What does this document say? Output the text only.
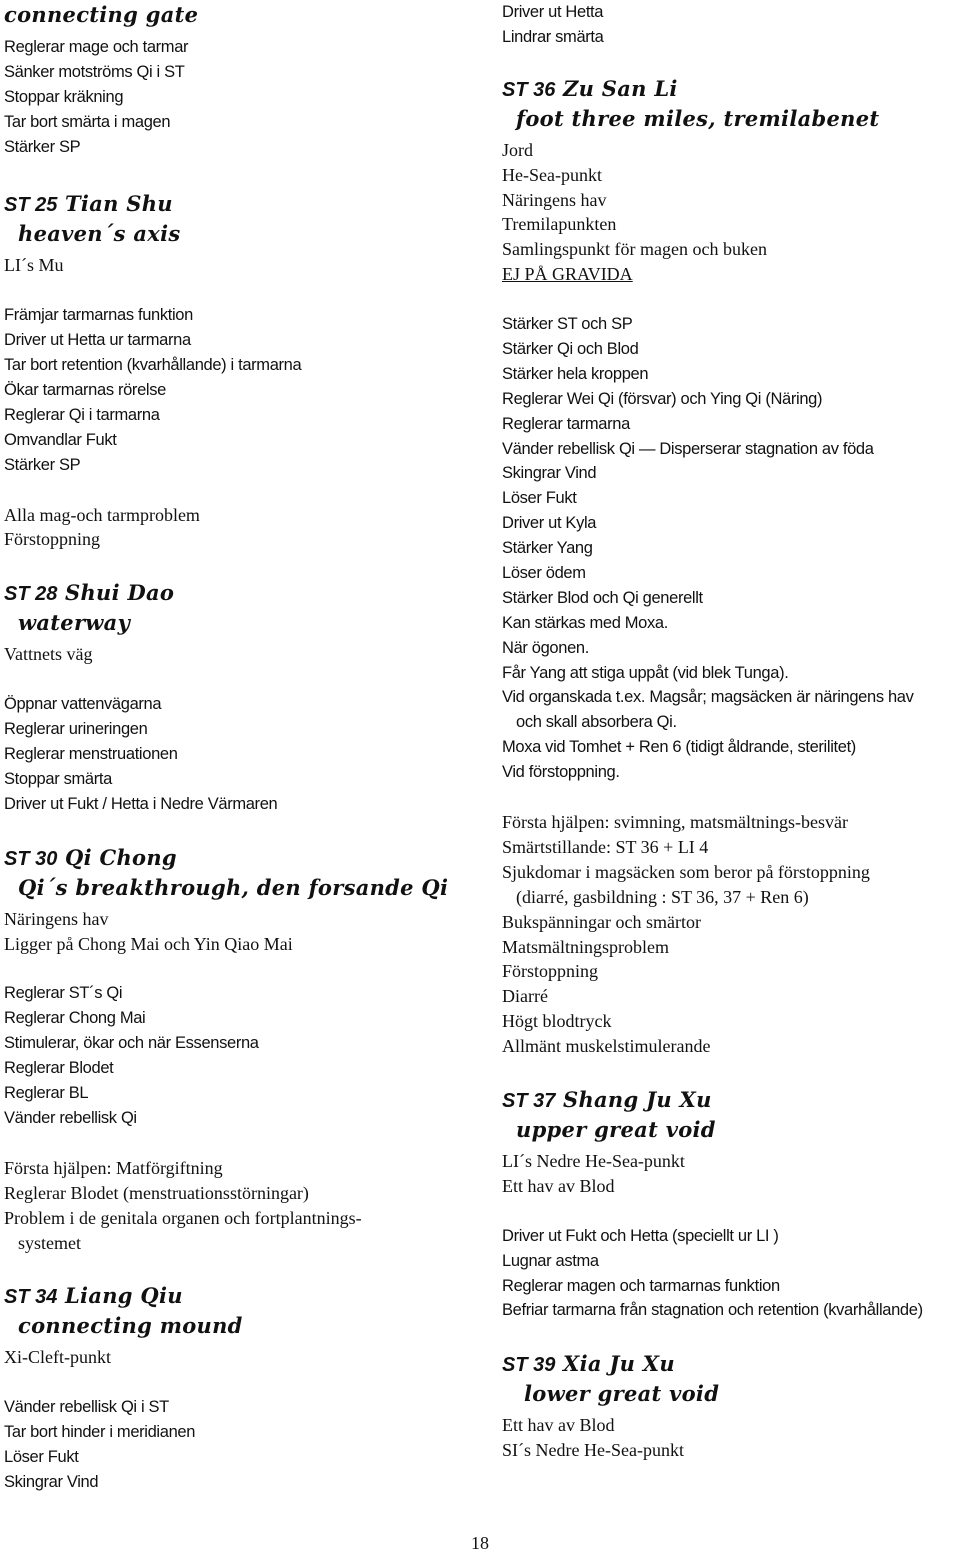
connecting gate
Reglerar mage och tarmar
Sänker motströms Qi i ST
Stoppar kräkning
Tar bort smärta i magen
Stärker SP
ST 25 Tian Shu
heaven´s axis
LI´s Mu
Främjar tarmarnas funktion
Driver ut Hetta ur tarmarna
Tar bort retention (kvarhållande) i tarmarna
Ökar tarmarnas rörelse
Reglerar Qi i tarmarna
Omvandlar Fukt
Stärker SP
Alla mag-och tarmproblem
Förstoppning
ST 28 Shui Dao
waterway
Vattnets väg
Öppnar vattenvägarna
Reglerar urineringen
Reglerar menstruationen
Stoppar smärta
Driver ut Fukt / Hetta i Nedre Värmaren
ST 30 Qi Chong
Qi´s breakthrough, den forsande Qi
Näringens hav
Ligger på Chong Mai och Yin Qiao Mai
Reglerar ST´s Qi
Reglerar Chong Mai
Stimulerar, ökar och när Essenserna
Reglerar Blodet
Reglerar BL
Vänder rebellisk Qi
Första hjälpen: Matförgiftning
Reglerar Blodet (menstruationsstörningar)
Problem i de genitala organen och fortplantnings-
systemet
ST 34 Liang Qiu
connecting mound
Xi-Cleft-punkt
Vänder rebellisk Qi i ST
Tar bort hinder i meridianen
Löser Fukt
Skingrar Vind
Driver ut Hetta
Lindrar smärta
ST 36 Zu San Li
foot three miles, tremilabenet
Jord
He-Sea-punkt
Näringens hav
Tremilapunkten
Samlingspunkt för magen och buken
EJ PÅ GRAVIDA
Stärker ST och SP
Stärker Qi och Blod
Stärker hela kroppen
Reglerar Wei Qi (försvar) och Ying Qi (Näring)
Reglerar tarmarna
Vänder rebellisk Qi — Disperserar stagnation av föda
Skingrar Vind
Löser Fukt
Driver ut Kyla
Stärker Yang
Löser ödem
Stärker Blod och Qi generellt
Kan stärkas med Moxa.
När ögonen.
Får Yang att stiga uppåt (vid blek Tunga).
Vid organskada t.ex. Magsår; magsäcken är näringens hav
och skall absorbera Qi.
Moxa vid Tomhet + Ren 6 (tidigt åldrande, sterilitet)
Vid förstoppning.
Första hjälpen: svimning, matsmältnings-besvär
Smärtstillande: ST 36 + LI 4
Sjukdomar i magsäcken som beror på förstoppning
(diarré, gasbildning : ST 36, 37 + Ren 6)
Bukspänningar och smärtor
Matsmältningsproblem
Förstoppning
Diarré
Högt blodtryck
Allmänt muskelstimulerande
ST 37 Shang Ju Xu
upper great void
LI´s Nedre He-Sea-punkt
Ett hav av Blod
Driver ut Fukt och Hetta (speciellt ur LI )
Lugnar astma
Reglerar magen och tarmarnas funktion
Befriar tarmarna från stagnation och retention (kvarhållande)
ST 39 Xia Ju Xu
lower great void
Ett hav av Blod
SI´s Nedre He-Sea-punkt
18
